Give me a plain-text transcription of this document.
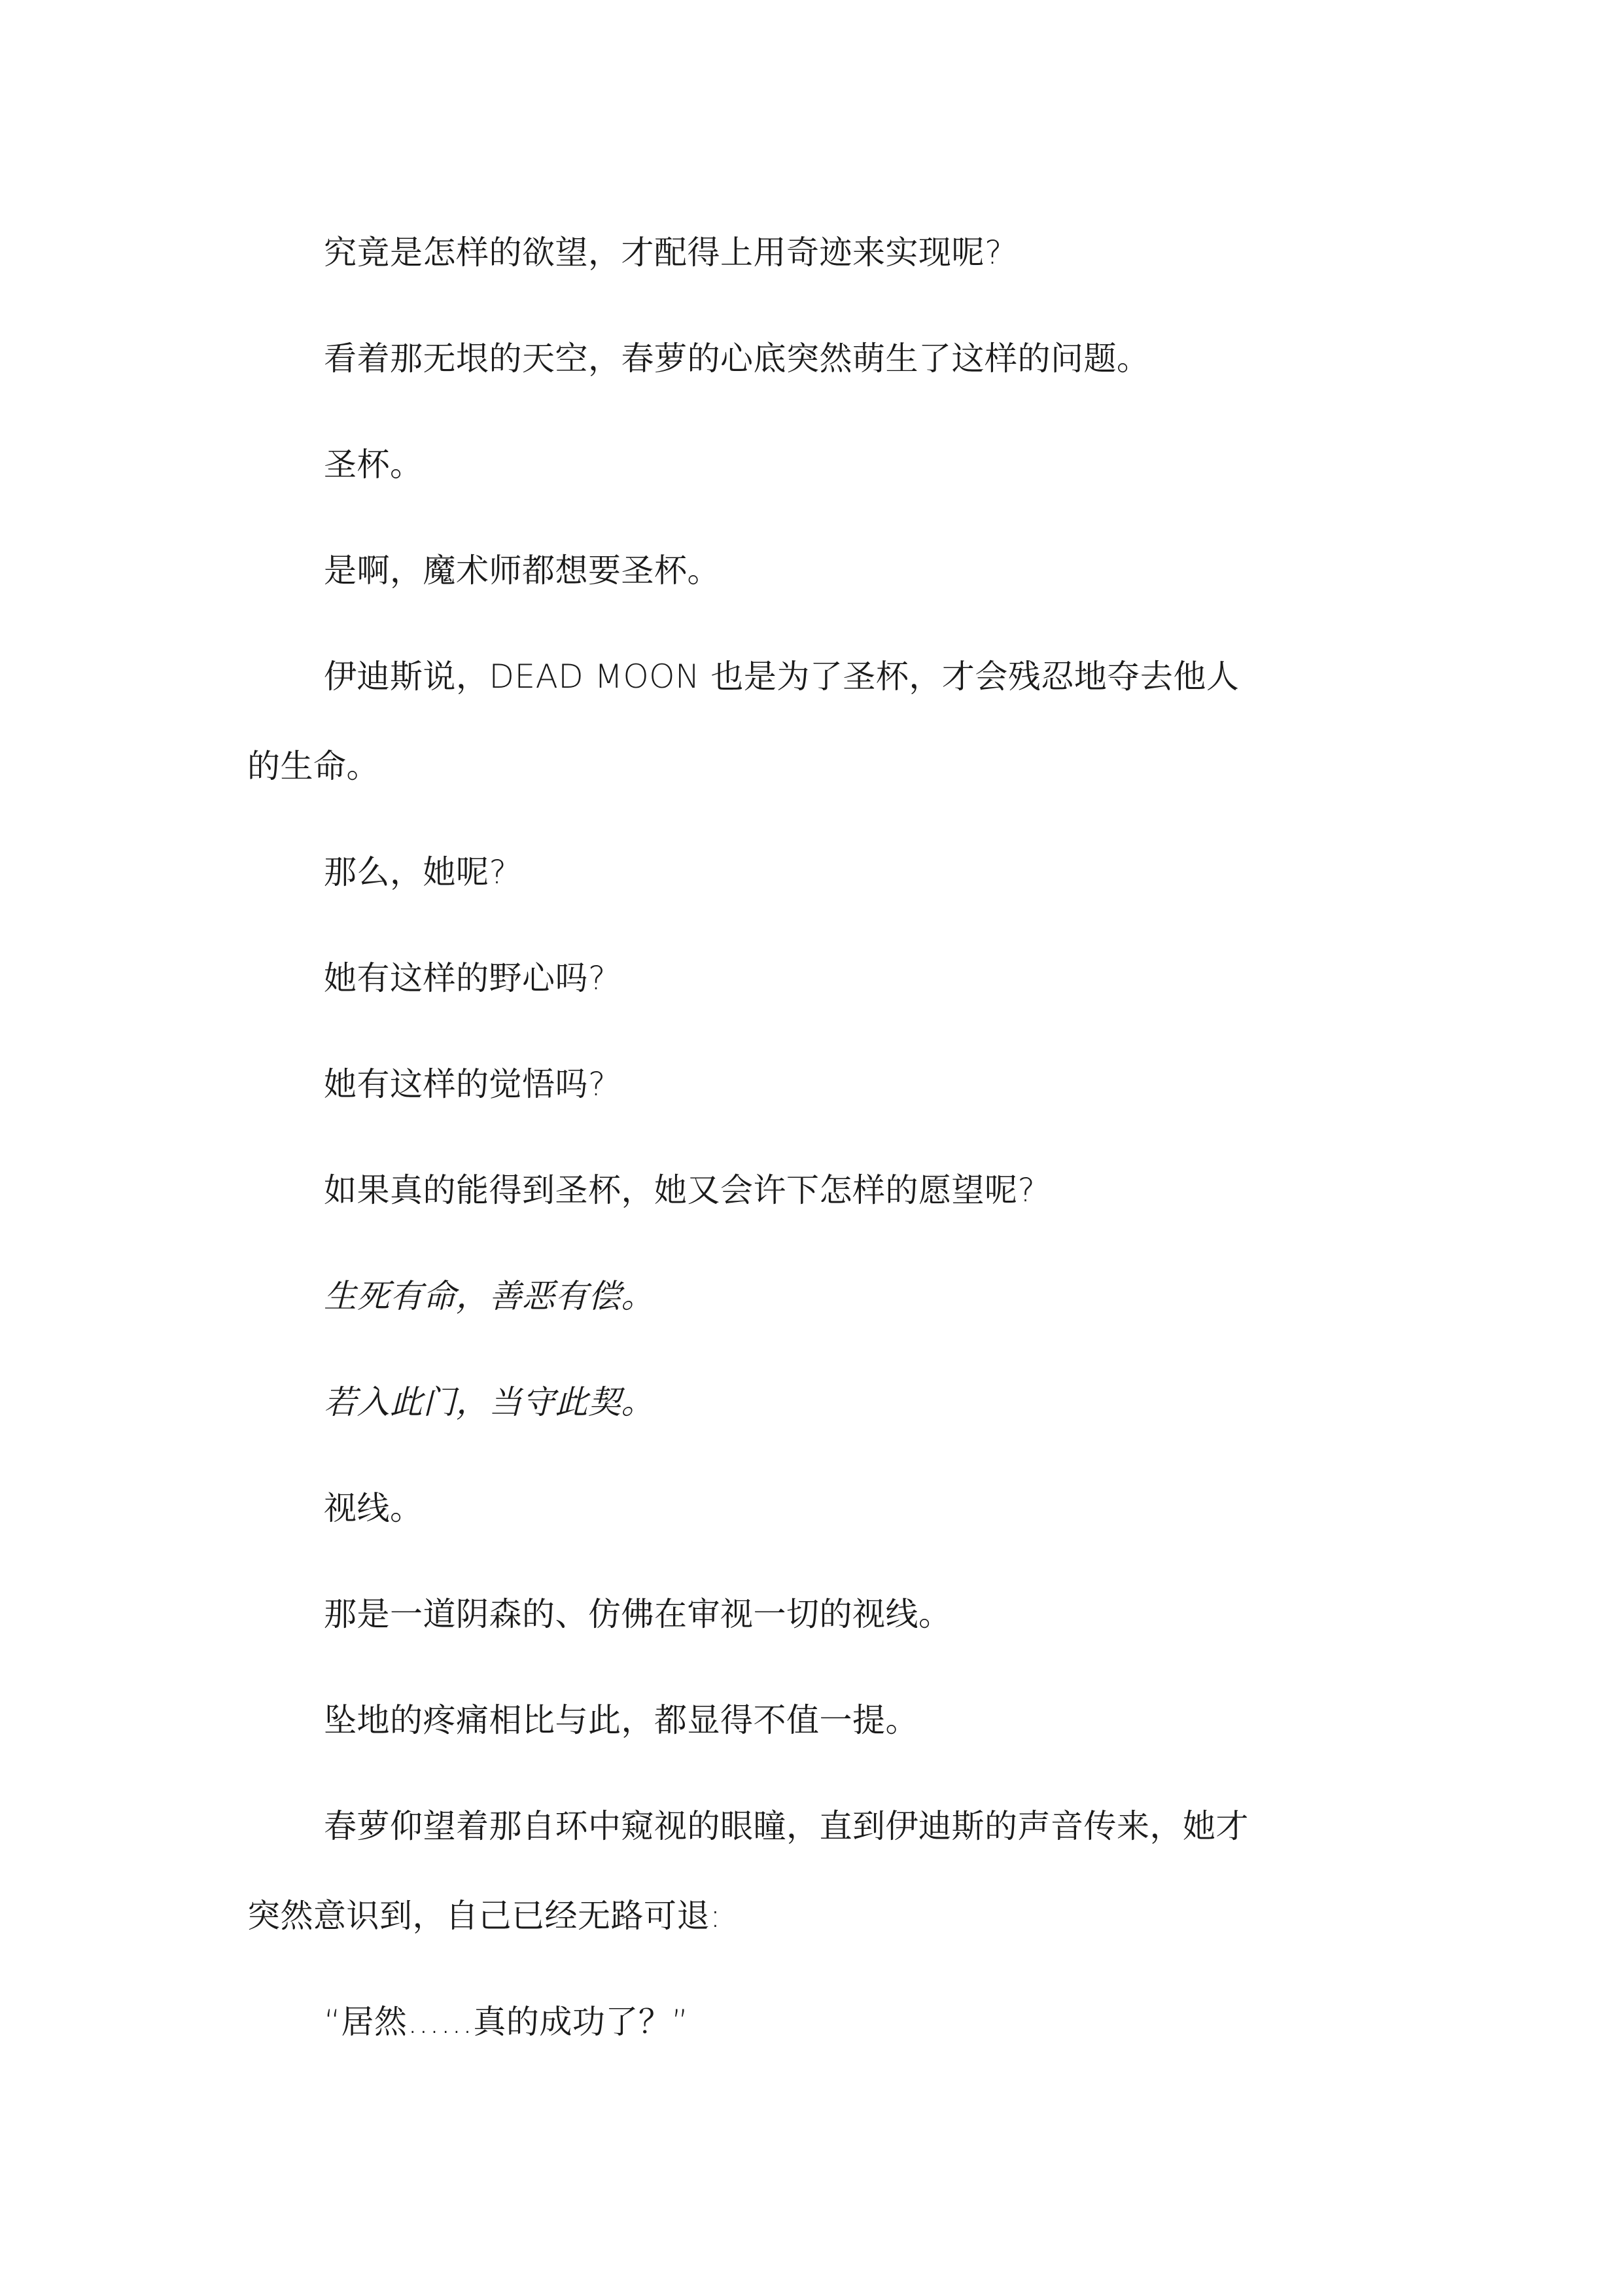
究竟是怎样的欲望，才配得上用奇迹来实现呢?

看着那无垠的天空，春萝的心底突然萌生了这样的问题。

圣杯。

是啊，魔术师都想要圣杯。

伊迪斯说，DEAD MOON 也是为了圣杯，才会残忍地夺去他人的生命。

那么，她呢?

她有这样的野心吗?

她有这样的觉悟吗?

如果真的能得到圣杯，她又会许下怎样的愿望呢?

生死有命，善恶有偿。

若入此门，当守此契。

视线。

那是一道阴森的、仿佛在审视一切的视线。

坠地的疼痛相比与此，都显得不值一提。

春萝仰望着那自环中窥视的眼瞳，直到伊迪斯的声音传来，她才突然意识到，自己已经无路可退:

“居然……真的成功了？”
